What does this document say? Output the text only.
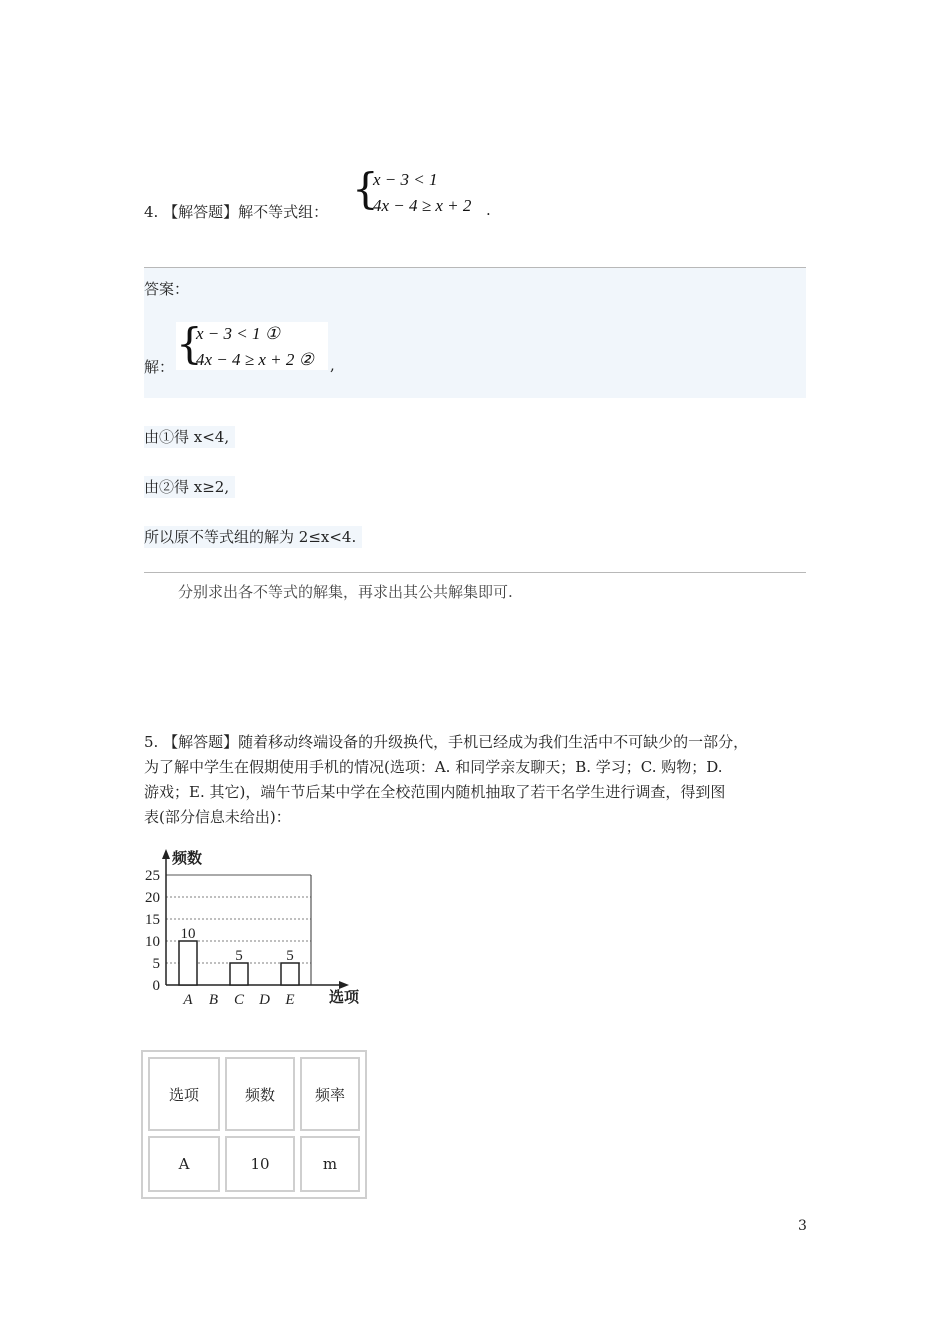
4. 【解答题】解不等式组： {
x − 3 < 1
4x − 4 ≥ x + 2 .
答案：
解： {
x − 3 < 1 ①
4x − 4 ≥ x + 2 ② ,
由①得 x<4,
由②得 x≥2,
所以原不等式组的解为 2≤x<4.
分别求出各不等式的解集，再求出其公共解集即可.
5. 【解答题】随着移动终端设备的升级换代，手机已经成为我们生活中不可缺少的一部分，
为了解中学生在假期使用手机的情况(选项：A. 和同学亲友聊天；B. 学习；C. 购物；D.
游戏；E. 其它)，端午节后某中学在全校范围内随机抽取了若干名学生进行调查，得到图
表(部分信息未给出)：
频数
选项
0
5
10
15
20
25
10
5	5
A B C D E
选项	频数	频率
A	10	m
3
